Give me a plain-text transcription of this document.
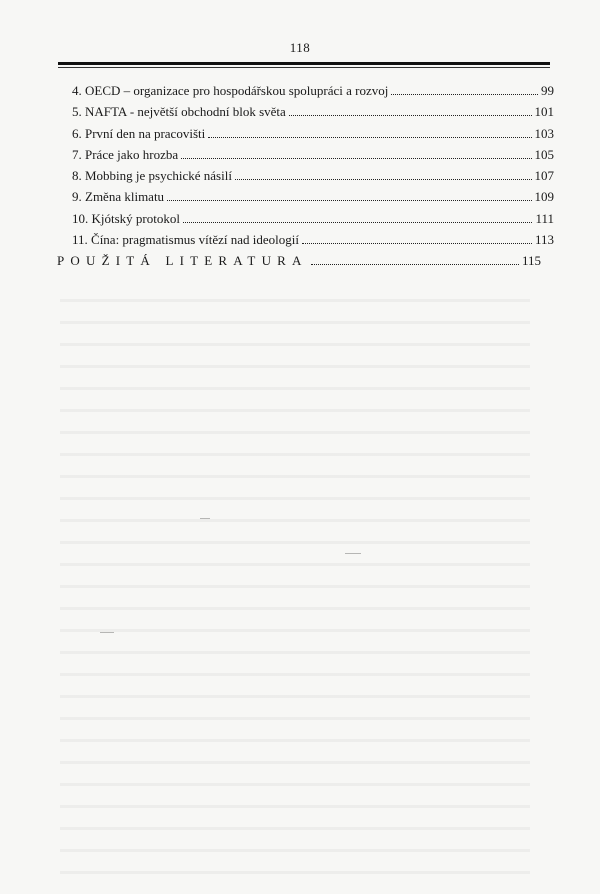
118
4. OECD – organizace pro hospodářskou spolupráci a rozvoj	99
5. NAFTA - největší obchodní blok světa	101
6. První den na pracovišti	103
7. Práce jako hrozba	105
8. Mobbing je psychické násilí	107
9. Změna klimatu	109
10. Kjótský protokol	111
11. Čína: pragmatismus vítězí nad ideologií	113
POUŽITÁ LITERATURA	115
